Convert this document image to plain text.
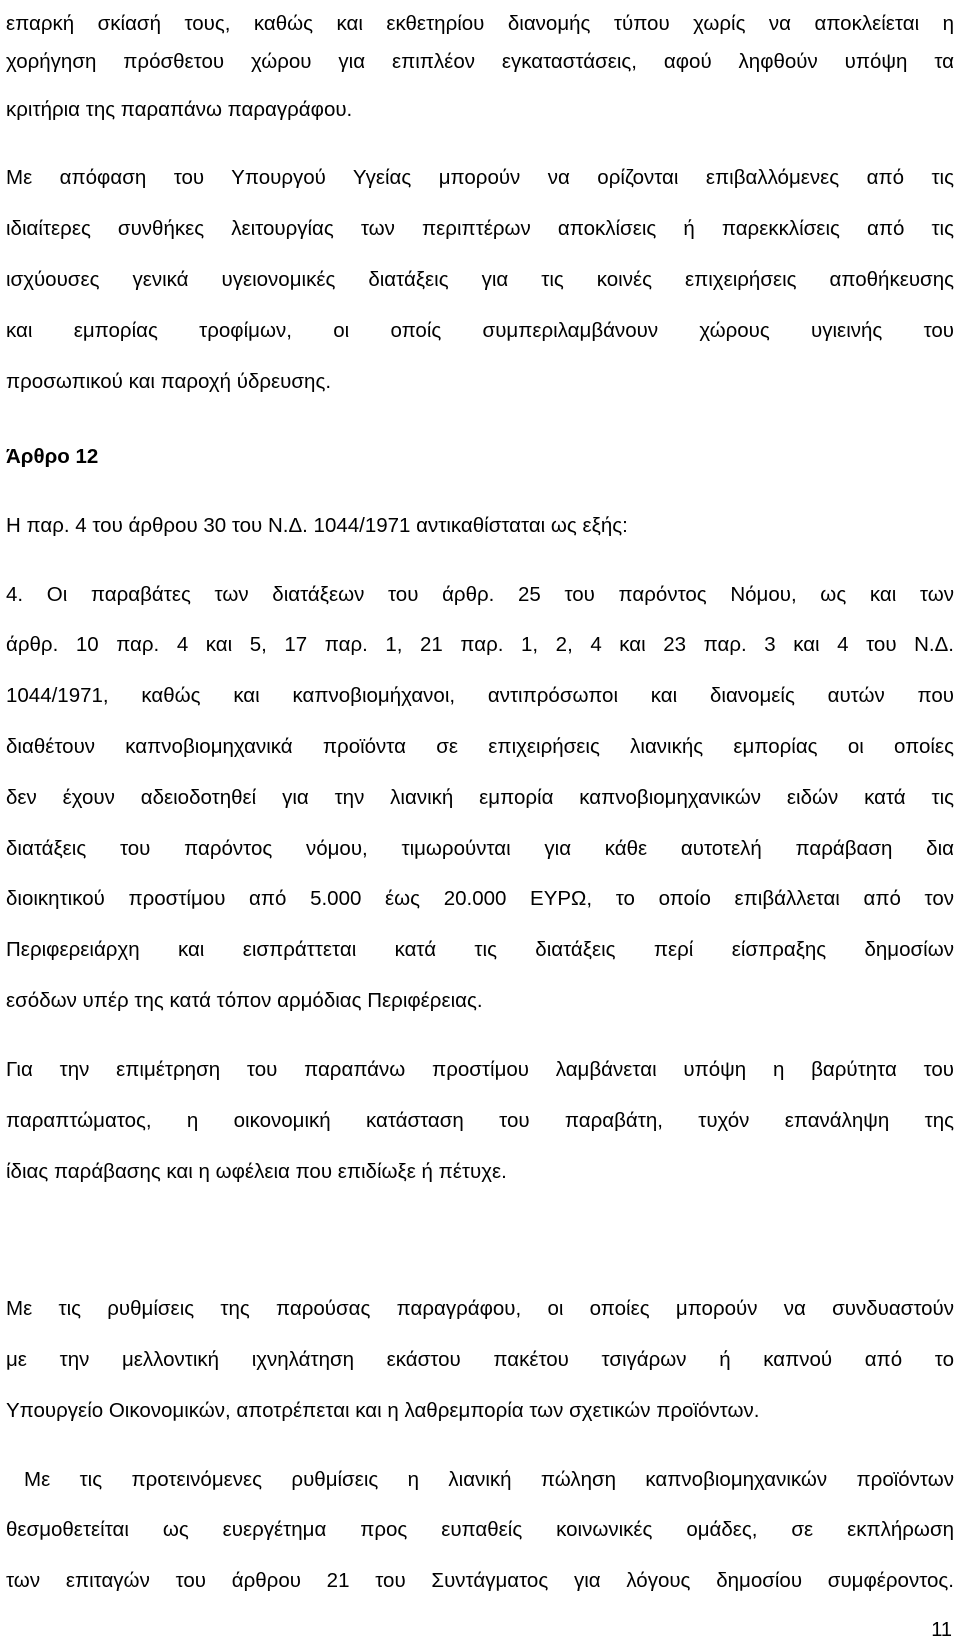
επαρκή σκίασή τους, καθώς και εκθετηρίου διανομής τύπου χωρίς να αποκλείεται η
χορήγηση πρόσθετου χώρου για επιπλέον εγκαταστάσεις, αφού ληφθούν υπόψη τα
κριτήρια της παραπάνω παραγράφου.
Με απόφαση του Υπουργού Υγείας μπορούν να ορίζονται επιβαλλόμενες από τις
ιδιαίτερες συνθήκες λειτουργίας των περιπτέρων αποκλίσεις ή παρεκκλίσεις από τις
ισχύουσες γενικά υγειονομικές διατάξεις για τις κοινές επιχειρήσεις αποθήκευσης
και εμπορίας τροφίμων, οι οποίς συμπεριλαμβάνουν χώρους υγιεινής του
προσωπικού και παροχή ύδρευσης.
Άρθρο 12
Η παρ. 4 του άρθρου 30 του Ν.Δ. 1044/1971 αντικαθίσταται ως εξής:
4. Οι παραβάτες των διατάξεων του άρθρ. 25 του παρόντος Νόμου, ως και των
άρθρ. 10 παρ. 4 και 5, 17 παρ. 1, 21 παρ. 1, 2, 4 και 23 παρ. 3 και 4 του Ν.Δ.
1044/1971, καθώς και καπνοβιομήχανοι, αντιπρόσωποι και διανομείς αυτών που
διαθέτουν καπνοβιομηχανικά προϊόντα σε επιχειρήσεις λιανικής εμπορίας οι οποίες
δεν έχουν αδειοδοτηθεί για την λιανική εμπορία καπνοβιομηχανικών ειδών κατά τις
διατάξεις του παρόντος νόμου, τιμωρούνται για κάθε αυτοτελή παράβαση δια
διοικητικού προστίμου από 5.000 έως 20.000 ΕΥΡΩ, το οποίο επιβάλλεται από τον
Περιφερειάρχη και εισπράττεται κατά τις διατάξεις περί είσπραξης δημοσίων
εσόδων υπέρ της κατά τόπον αρμόδιας Περιφέρειας.
Για την επιμέτρηση του παραπάνω προστίμου λαμβάνεται υπόψη η βαρύτητα του
παραπτώματος, η οικονομική κατάσταση του παραβάτη, τυχόν επανάληψη της
ίδιας παράβασης και η ωφέλεια που επιδίωξε ή πέτυχε.
Με τις ρυθμίσεις της παρούσας παραγράφου, οι οποίες μπορούν να συνδυαστούν
με την μελλοντική ιχνηλάτηση εκάστου πακέτου τσιγάρων ή καπνού από το
Υπουργείο Οικονομικών, αποτρέπεται και η λαθρεμπορία των σχετικών προϊόντων.
Με τις προτεινόμενες ρυθμίσεις η λιανική πώληση καπνοβιομηχανικών προϊόντων
θεσμοθετείται ως ευεργέτημα προς ευπαθείς κοινωνικές ομάδες, σε εκπλήρωση
των επιταγών του άρθρου 21 του Συντάγματος για λόγους δημοσίου συμφέροντος.
11
